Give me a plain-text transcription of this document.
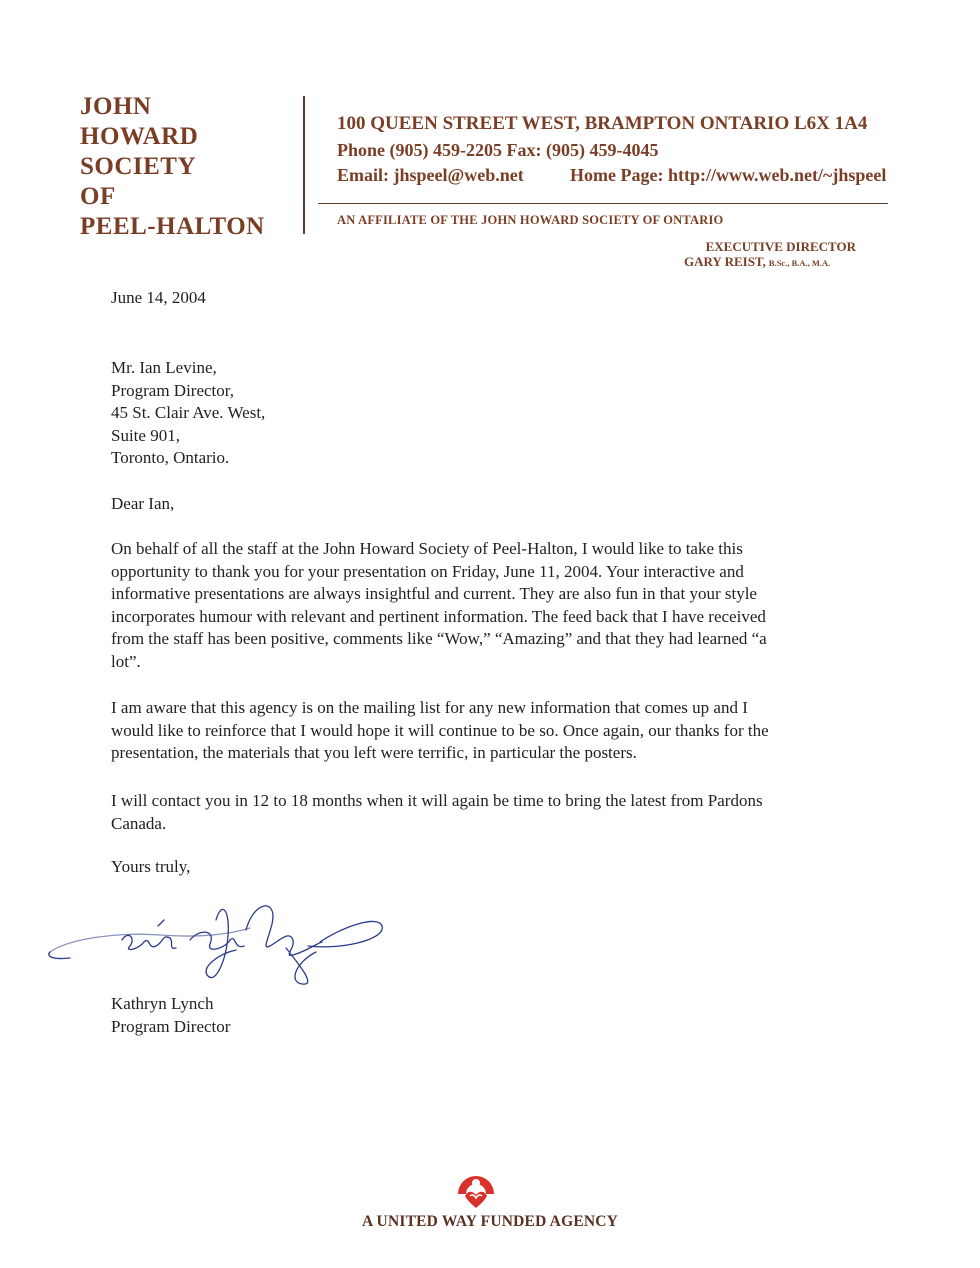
JOHN
HOWARD
SOCIETY
OF
PEEL-HALTON
100 QUEEN STREET WEST, BRAMPTON ONTARIO L6X 1A4
Phone (905) 459-2205 Fax: (905) 459-4045
Email: jhspeel@web.net	Home Page: http://www.web.net/~jhspeel
AN AFFILIATE OF THE JOHN HOWARD SOCIETY OF ONTARIO
EXECUTIVE DIRECTOR
GARY REIST, B.Sc., B.A., M.A.
June 14, 2004
Mr. Ian Levine,
Program Director,
45 St. Clair Ave. West,
Suite 901,
Toronto, Ontario.
Dear Ian,
On behalf of all the staff at the John Howard Society of Peel-Halton, I would like to take this
opportunity to thank you for your presentation on Friday, June 11, 2004. Your interactive and
informative presentations are always insightful and current. They are also fun in that your style
incorporates humour with relevant and pertinent information. The feed back that I have received
from the staff has been positive, comments like “Wow,” “Amazing” and that they had learned “a
lot”.
I am aware that this agency is on the mailing list for any new information that comes up and I
would like to reinforce that I would hope it will continue to be so. Once again, our thanks for the
presentation, the materials that you left were terrific, in particular the posters.
I will contact you in 12 to 18 months when it will again be time to bring the latest from Pardons
Canada.
Yours truly,
Kathryn Lynch
Program Director
A UNITED WAY FUNDED AGENCY
